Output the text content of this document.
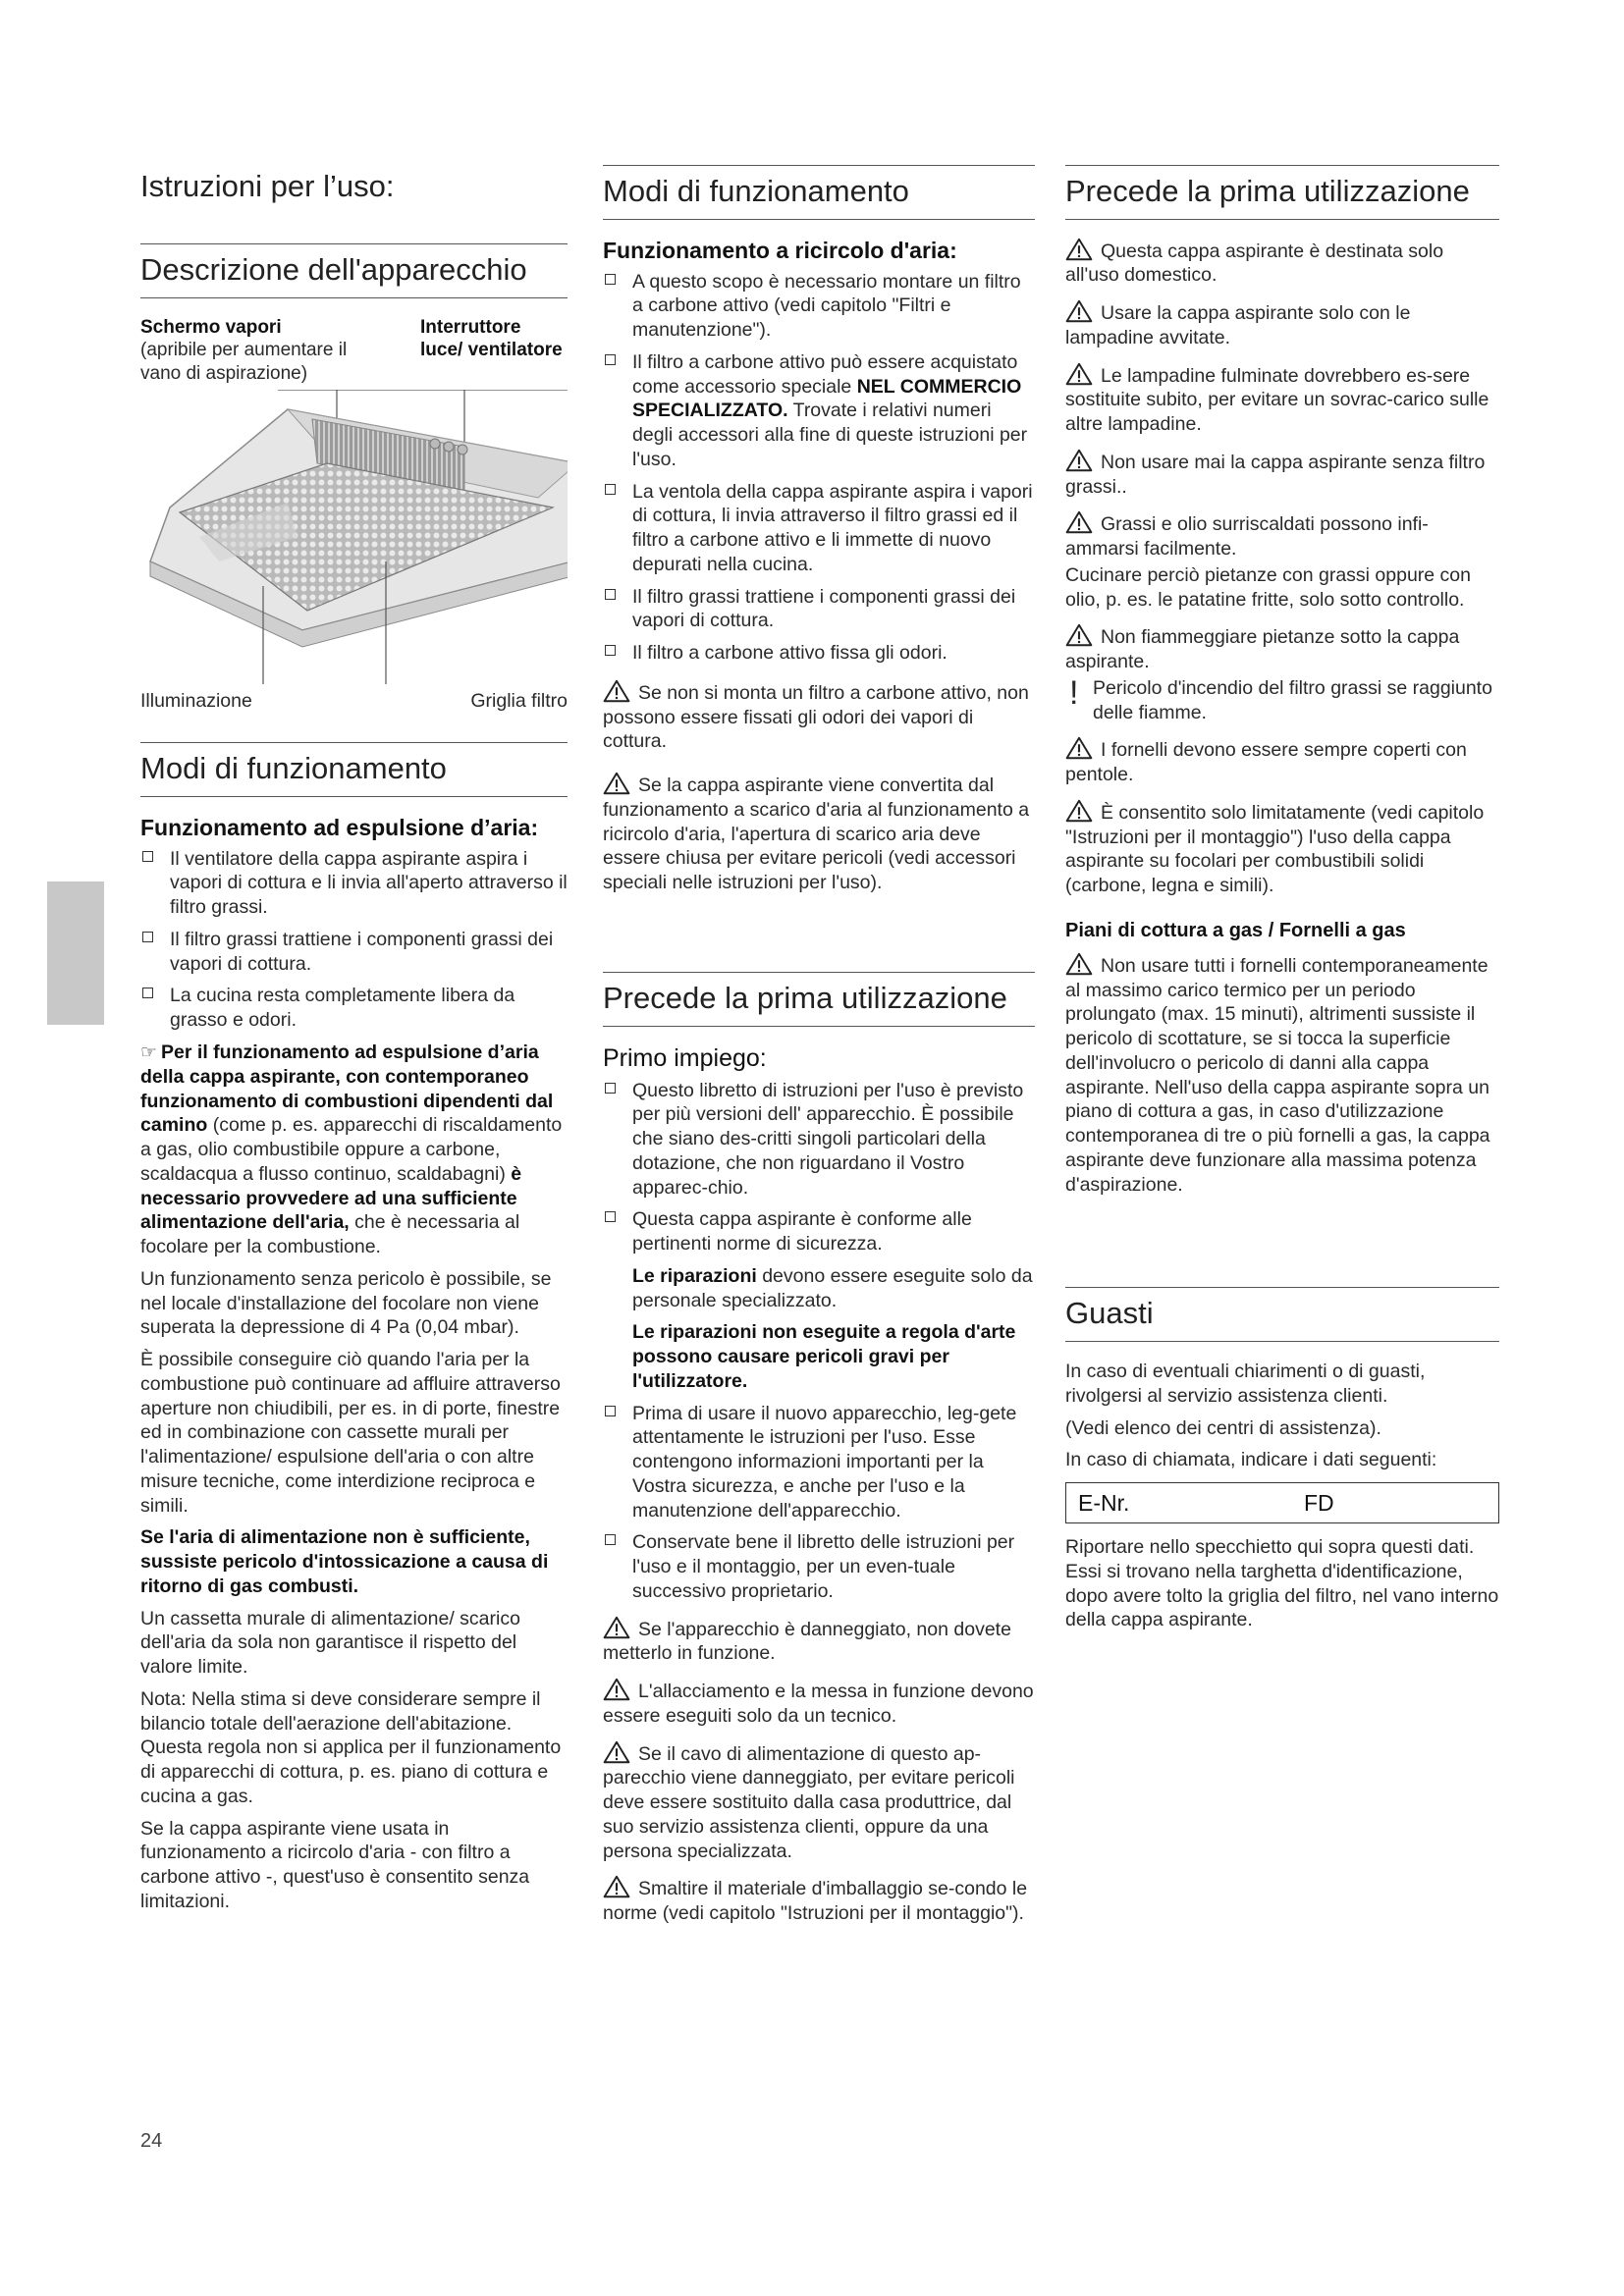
Istruzioni per l’uso:
Descrizione dell'apparecchio
Schermo vapori
(apribile per aumentare il vano di aspirazione)
Interruttore luce/ ventilatore
Illuminazione	Griglia filtro
Modi di funzionamento
Funzionamento ad espulsione d’aria:
Il ventilatore della cappa aspirante aspira i vapori di cottura e li invia all'aperto attraverso il filtro grassi.
Il filtro grassi trattiene i componenti grassi dei vapori di cottura.
La cucina resta completamente libera da grasso e odori.

☞ Per il funzionamento ad espulsione d’aria della cappa aspirante, con contemporaneo funzionamento di combustioni dipendenti dal camino (come p. es. apparecchi di riscaldamento a gas, olio combustibile oppure a carbone, scaldacqua a flusso continuo, scaldabagni) è necessario provvedere ad una sufficiente alimentazione dell'aria, che è necessaria al focolare per la combustione.

Un funzionamento senza pericolo è possibile, se nel locale d'installazione del focolare non viene superata la depressione di 4 Pa (0,04 mbar).

È possibile conseguire ciò quando l'aria per la combustione può continuare ad affluire attraverso aperture non chiudibili, per es. in di porte, finestre ed in combinazione con cassette murali per l'alimentazione/ espulsione dell'aria o con altre misure tecniche, come interdizione reciproca e simili.

Se l'aria di alimentazione non è sufficiente, sussiste pericolo d'intossicazione a causa di ritorno di gas combusti.

Un cassetta murale di alimentazione/ scarico dell'aria da sola non garantisce il rispetto del valore limite.

Nota: Nella stima si deve considerare sempre il bilancio totale dell'aerazione dell'abitazione. Questa regola non si applica per il funzionamento di apparecchi di cottura, p. es. piano di cottura e cucina a gas.

Se la cappa aspirante viene usata in funzionamento a ricircolo d'aria - con filtro a carbone attivo -, quest'uso è consentito senza limitazioni.

Modi di funzionamento
Funzionamento a ricircolo d'aria:
A questo scopo è necessario montare un filtro a carbone attivo (vedi capitolo "Filtri e manutenzione").
Il filtro a carbone attivo può essere acquistato come accessorio speciale NEL COMMERCIO SPECIALIZZATO. Trovate i relativi numeri degli accessori alla fine di queste istruzioni per l'uso.
La ventola della cappa aspirante aspira i vapori di cottura, li invia attraverso il filtro grassi ed il filtro a carbone attivo e li immette di nuovo depurati nella cucina.
Il filtro grassi trattiene i componenti grassi dei vapori di cottura.
Il filtro a carbone attivo fissa gli odori.

Se non si monta un filtro a carbone attivo, non possono essere fissati gli odori dei vapori di cottura.

Se la cappa aspirante viene convertita dal funzionamento a scarico d'aria al funzionamento a ricircolo d'aria, l'apertura di scarico aria deve essere chiusa per evitare pericoli (vedi accessori speciali nelle istruzioni per l'uso).

Precede la prima utilizzazione
Primo impiego:
Questo libretto di istruzioni per l'uso è previsto per più versioni dell' apparecchio. È possibile che siano des-critti singoli particolari della dotazione, che non riguardano il Vostro apparec-chio.
Questa cappa aspirante è conforme alle pertinenti norme di sicurezza.

Le riparazioni devono essere eseguite solo da personale specializzato.

Le riparazioni non eseguite a regola d'arte possono causare pericoli gravi per l'utilizzatore.

Prima di usare il nuovo apparecchio, leg-gete attentamente le istruzioni per l'uso. Esse contengono informazioni importanti per la Vostra sicurezza, e anche per l'uso e la manutenzione dell'apparecchio.
Conservate bene il libretto delle istruzioni per l'uso e il montaggio, per un even-tuale successivo proprietario.

Se l'apparecchio è danneggiato, non dovete metterlo in funzione.

L'allacciamento e la messa in funzione devono essere eseguiti solo da un tecnico.

Se il cavo di alimentazione di questo ap-parecchio viene danneggiato, per evitare pericoli deve essere sostituito dalla casa produttrice, dal suo servizio assistenza clienti, oppure da una persona specializzata.

Smaltire il materiale d'imballaggio se-condo le norme (vedi capitolo "Istruzioni per il montaggio").

Precede la prima utilizzazione

Questa cappa aspirante è destinata solo all'uso domestico.

Usare la cappa aspirante solo con le lampadine avvitate.

Le lampadine fulminate dovrebbero es-sere sostituite subito, per evitare un sovrac-carico sulle altre lampadine.

Non usare mai la cappa aspirante senza filtro grassi..

Grassi e olio surriscaldati possono infi-ammarsi facilmente.

Cucinare perciò pietanze con grassi oppure con olio, p. es. le patatine fritte, solo sotto controllo.

Non fiammeggiare pietanze sotto la cappa aspirante.

! Pericolo d'incendio del filtro grassi se raggiunto delle fiamme.

I fornelli devono essere sempre coperti con pentole.

È consentito solo limitatamente (vedi capitolo "Istruzioni per il montaggio") l'uso della cappa aspirante su focolari per combustibili solidi (carbone, legna e simili).

Piani di cottura a gas / Fornelli a gas

Non usare tutti i fornelli contemporaneamente al massimo carico termico per un periodo prolungato (max. 15 minuti), altrimenti sussiste il pericolo di scottature, se si tocca la superficie dell'involucro o pericolo di danni alla cappa aspirante. Nell'uso della cappa aspirante sopra un piano di cottura a gas, in caso d'utilizzazione contemporanea di tre o più fornelli a gas, la cappa aspirante deve funzionare alla massima potenza d'aspirazione.

Guasti

In caso di eventuali chiarimenti o di guasti, rivolgersi al servizio assistenza clienti.

(Vedi elenco dei centri di assistenza).

In caso di chiamata, indicare i dati seguenti:

E-Nr.	FD

Riportare nello specchietto qui sopra questi dati. Essi si trovano nella targhetta d'identificazione, dopo avere tolto la griglia del filtro, nel vano interno della cappa aspirante.

24
